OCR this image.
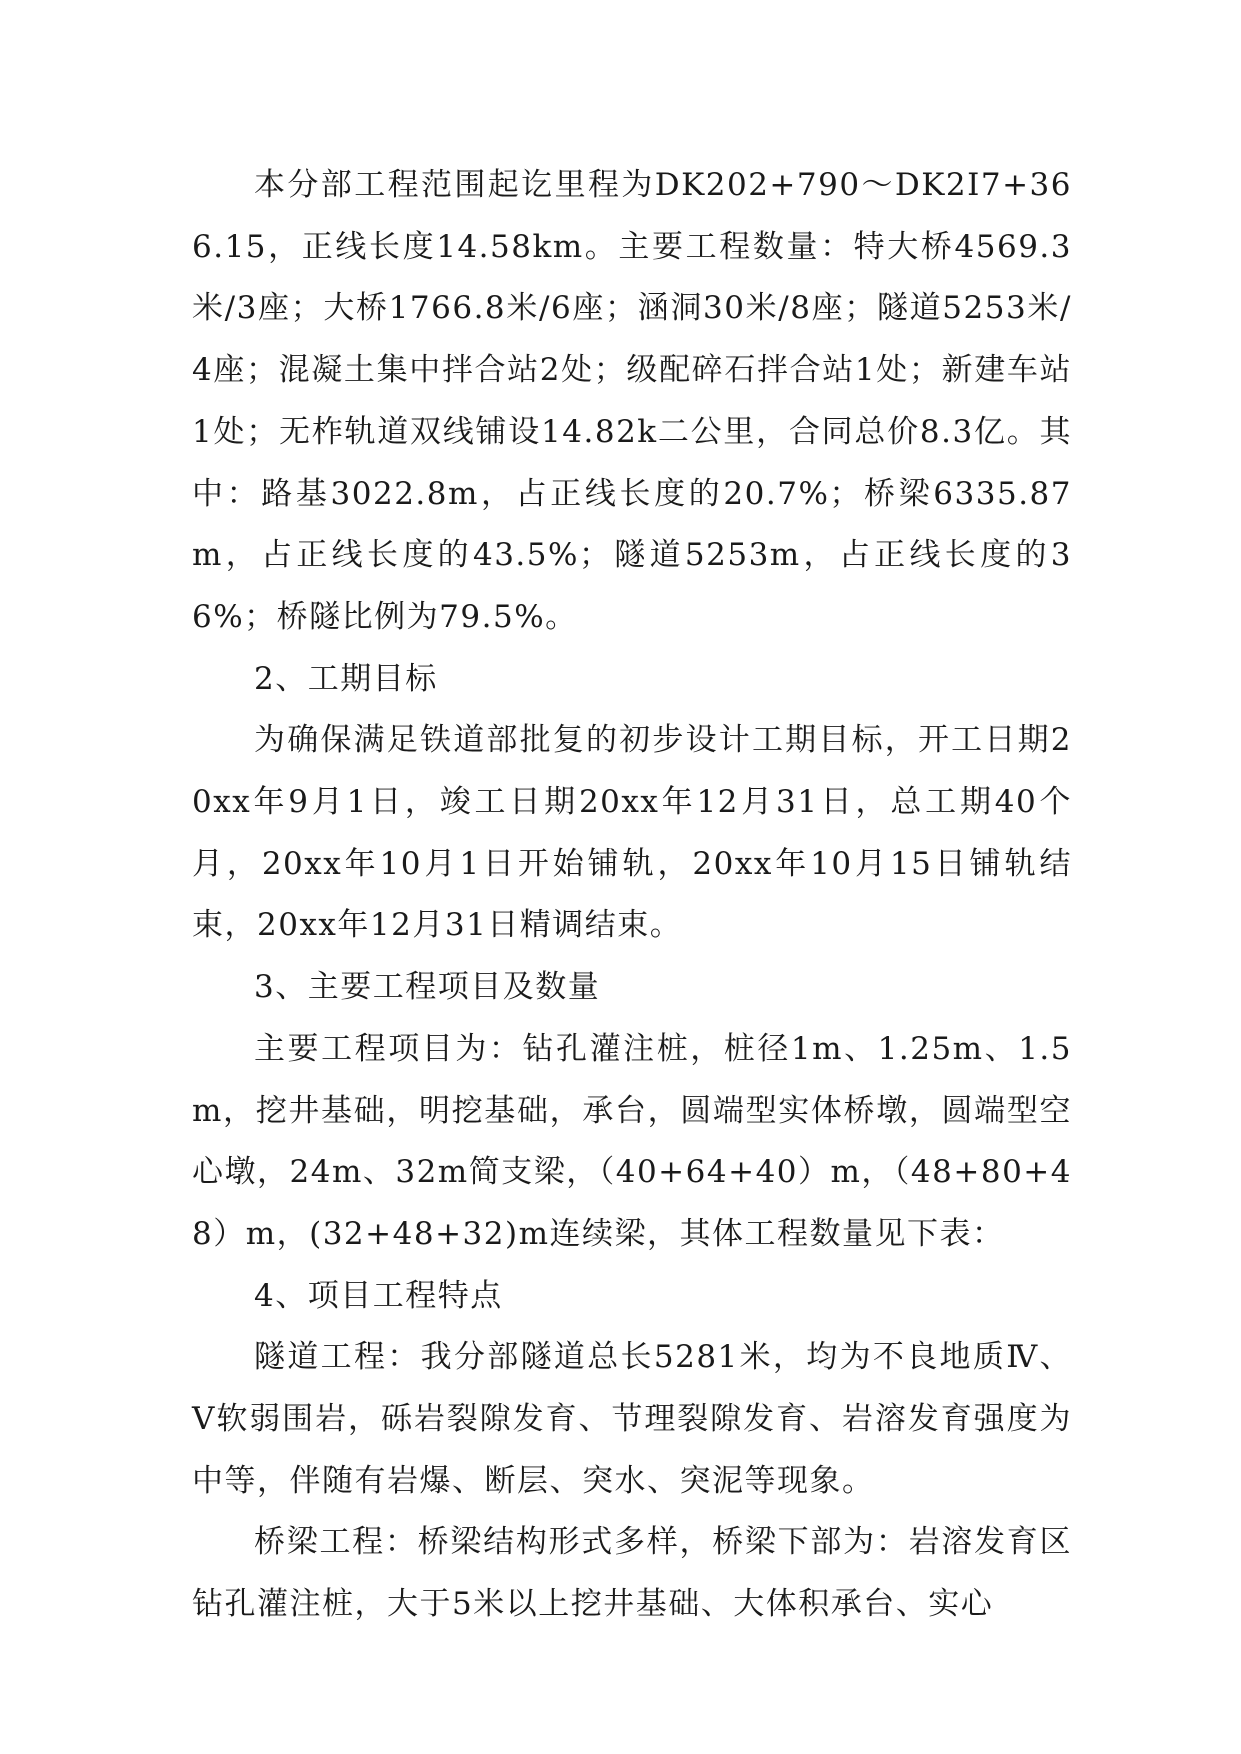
本分部工程范围起讫里程为DK202+790～DK2I7+366.15，正线长度14.58km。主要工程数量：特大桥4569.3米/3座；大桥1766.8米/6座；涵洞30米/8座；隧道5253米/4座；混凝土集中拌合站2处；级配碎石拌合站1处；新建车站1处；无柞轨道双线铺设14.82k二公里，合同总价8.3亿。其中：路基3022.8m，占正线长度的20.7%；桥梁6335.87m，占正线长度的43.5%；隧道5253m，占正线长度的36%；桥隧比例为79.5%。

2、工期目标

为确保满足铁道部批复的初步设计工期目标，开工日期20xx年9月1日，竣工日期20xx年12月31日，总工期40个月，20xx年10月1日开始铺轨，20xx年10月15日铺轨结束，20xx年12月31日精调结束。

3、主要工程项目及数量

主要工程项目为：钻孔灌注桩，桩径1m、1.25m、1.5m，挖井基础，明挖基础，承台，圆端型实体桥墩，圆端型空心墩，24m、32m简支梁，（40+64+40）m，（48+80+48）m，(32+48+32)m连续梁，其体工程数量见下表：

4、项目工程特点

隧道工程：我分部隧道总长5281米，均为不良地质Ⅳ、Ⅴ软弱围岩，砾岩裂隙发育、节理裂隙发育、岩溶发育强度为中等，伴随有岩爆、断层、突水、突泥等现象。

桥梁工程：桥梁结构形式多样，桥梁下部为：岩溶发育区钻孔灌注桩，大于5米以上挖井基础、大体积承台、实心
